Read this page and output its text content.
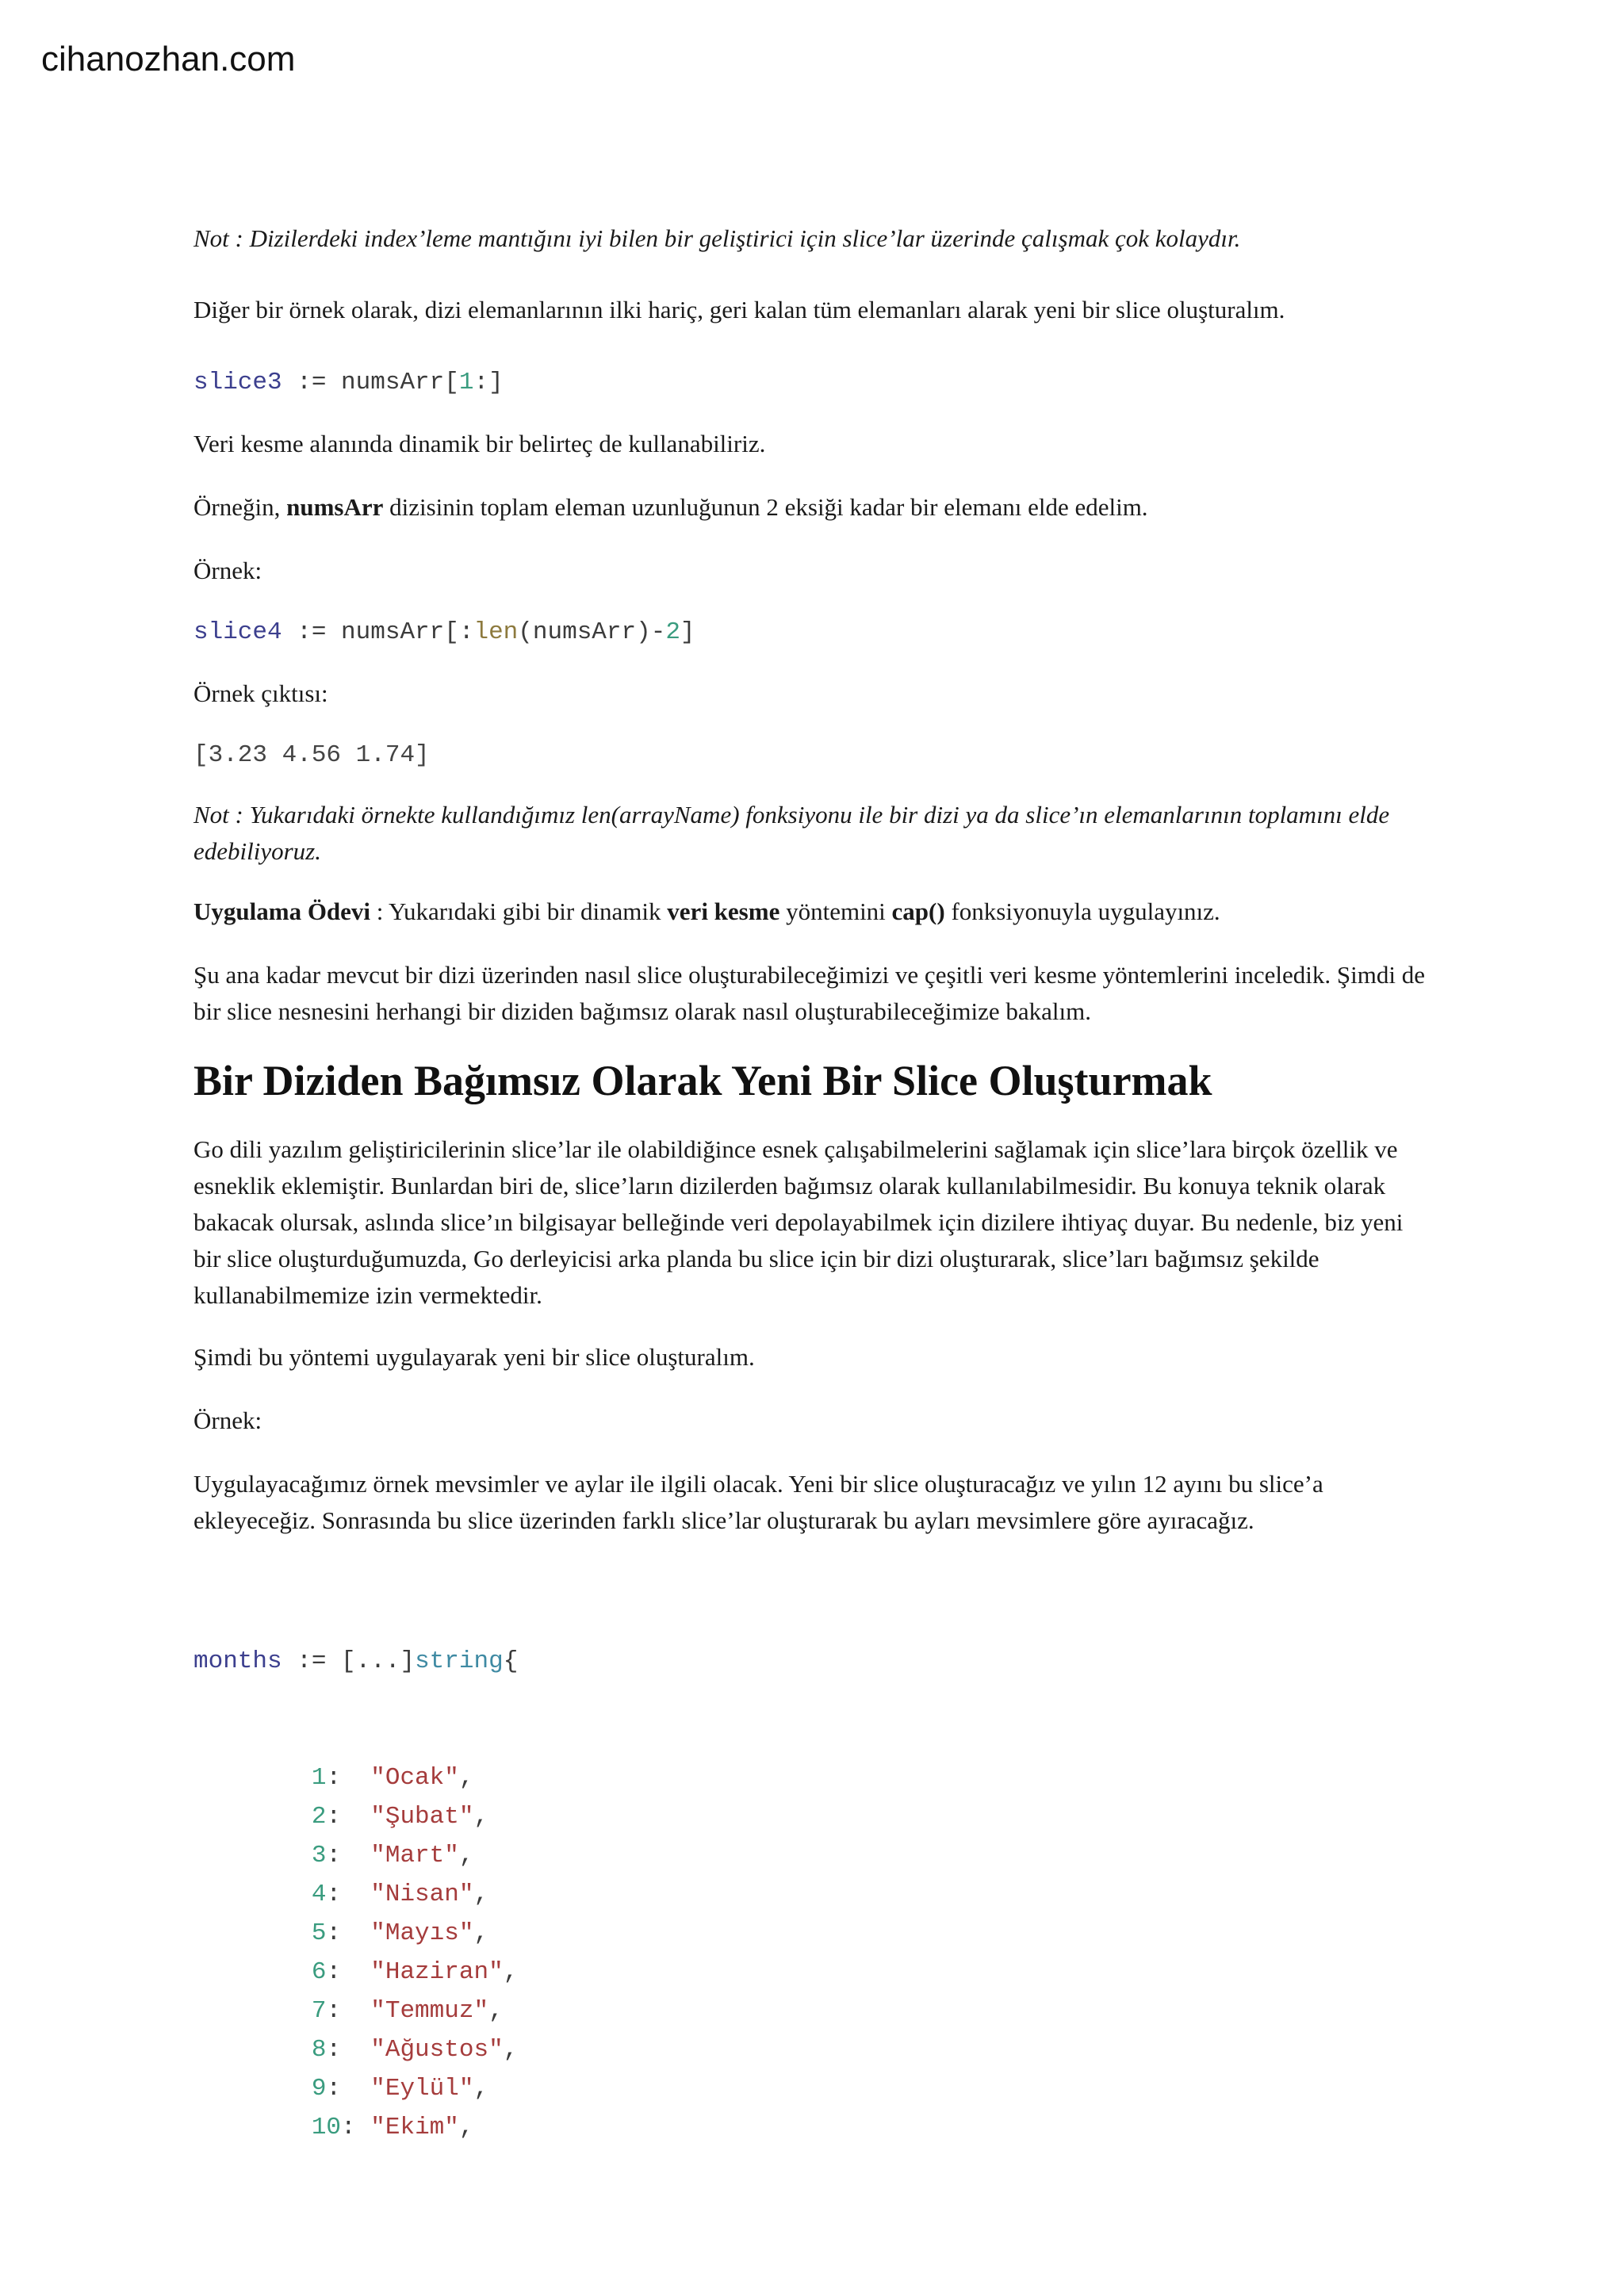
cihanozhan.com

Not : Dizilerdeki index’leme mantığını iyi bilen bir geliştirici için slice’lar üzerinde çalışmak çok kolaydır.

Diğer bir örnek olarak, dizi elemanlarının ilki hariç, geri kalan tüm elemanları alarak yeni bir slice oluşturalım.

slice3 := numsArr[1:]

Veri kesme alanında dinamik bir belirteç de kullanabiliriz.

Örneğin, numsArr dizisinin toplam eleman uzunluğunun 2 eksiği kadar bir elemanı elde edelim.

Örnek:

slice4 := numsArr[:len(numsArr)-2]

Örnek çıktısı:

[3.23 4.56 1.74]

Not : Yukarıdaki örnekte kullandığımız len(arrayName) fonksiyonu ile bir dizi ya da slice’ın elemanlarının toplamını elde edebiliyoruz.

Uygulama Ödevi : Yukarıdaki gibi bir dinamik veri kesme yöntemini cap() fonksiyonuyla uygulayınız.

Şu ana kadar mevcut bir dizi üzerinden nasıl slice oluşturabileceğimizi ve çeşitli veri kesme yöntemlerini inceledik. Şimdi de bir slice nesnesini herhangi bir diziden bağımsız olarak nasıl oluşturabileceğimize bakalım.

Bir Diziden Bağımsız Olarak Yeni Bir Slice Oluşturmak

Go dili yazılım geliştiricilerinin slice’lar ile olabildiğince esnek çalışabilmelerini sağlamak için slice’lara birçok özellik ve esneklik eklemiştir. Bunlardan biri de, slice’ların dizilerden bağımsız olarak kullanılabilmesidir. Bu konuya teknik olarak bakacak olursak, aslında slice’ın bilgisayar belleğinde veri depolayabilmek için dizilere ihtiyaç duyar. Bu nedenle, biz yeni bir slice oluşturduğumuzda, Go derleyicisi arka planda bu slice için bir dizi oluşturarak, slice’ları bağımsız şekilde kullanabilmemize izin vermektedir.

Şimdi bu yöntemi uygulayarak yeni bir slice oluşturalım.

Örnek:

Uygulayacağımız örnek mevsimler ve aylar ile ilgili olacak. Yeni bir slice oluşturacağız ve yılın 12 ayını bu slice’a ekleyeceğiz. Sonrasında bu slice üzerinden farklı slice’lar oluşturarak bu ayları mevsimlere göre ayıracağız.

months := [...]string{

1:  "Ocak",
2:  "Şubat",
3:  "Mart",
4:  "Nisan",
5:  "Mayıs",
6:  "Haziran",
7:  "Temmuz",
8:  "Ağustos",
9:  "Eylül",
10: "Ekim",
